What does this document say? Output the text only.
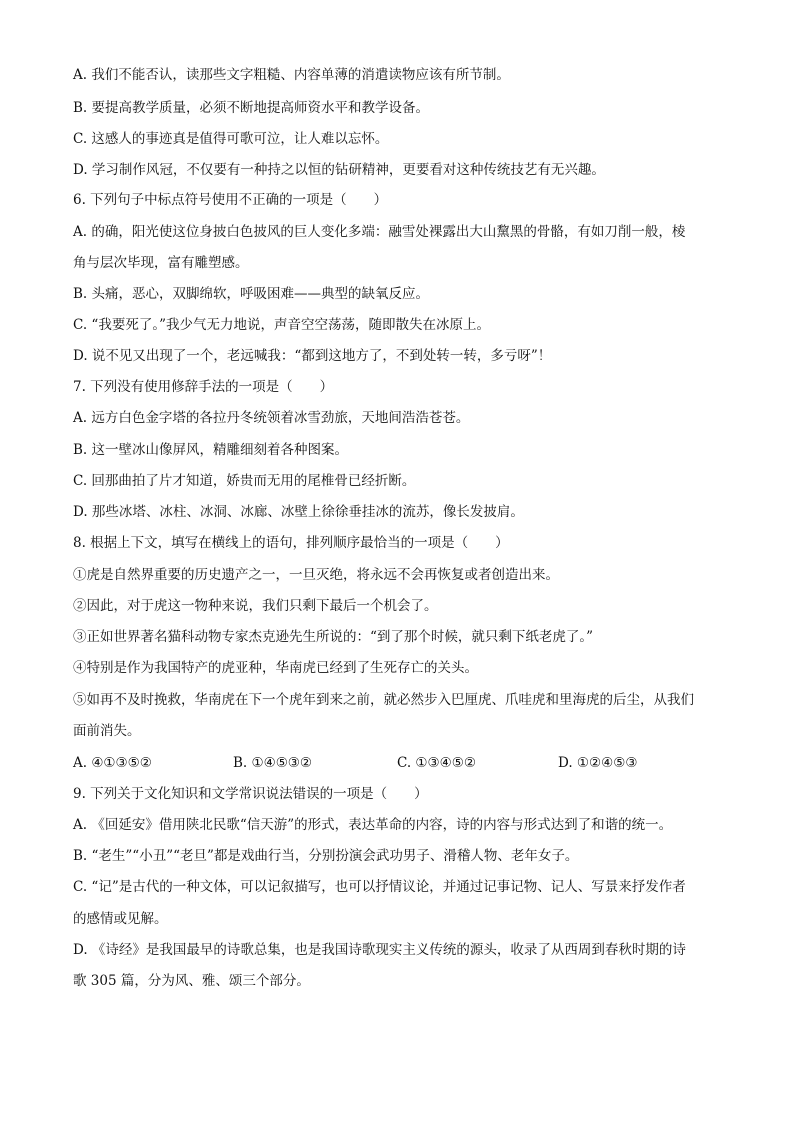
A. 我们不能否认，读那些文字粗糙、内容单薄的消遣读物应该有所节制。
B. 要提高教学质量，必须不断地提高师资水平和教学设备。
C. 这感人的事迹真是值得可歌可泣，让人难以忘怀。
D. 学习制作风冠，不仅要有一种持之以恒的钻研精神，更要看对这种传统技艺有无兴趣。
6. 下列句子中标点符号使用不正确的一项是（　　）
A. 的确，阳光使这位身披白色披风的巨人变化多端：融雪处裸露出大山黧黑的骨骼，有如刀削一般，棱
角与层次毕现，富有雕塑感。
B. 头痛，恶心，双脚绵软，呼吸困难——典型的缺氧反应。
C. “我要死了。”我少气无力地说，声音空空荡荡，随即散失在冰原上。
D. 说不见又出现了一个，老远喊我：“都到这地方了，不到处转一转，多亏呀”！
7. 下列没有使用修辞手法的一项是（　　）
A. 远方白色金字塔的各拉丹冬统领着冰雪劲旅，天地间浩浩苍苍。
B. 这一壁冰山像屏风，精雕细刻着各种图案。
C. 回那曲拍了片才知道，娇贵而无用的尾椎骨已经折断。
D. 那些冰塔、冰柱、冰洞、冰廊、冰壁上徐徐垂挂冰的流苏，像长发披肩。
8. 根据上下文，填写在横线上的语句，排列顺序最恰当的一项是（　　）
①虎是自然界重要的历史遗产之一，一旦灭绝，将永远不会再恢复或者创造出来。
②因此，对于虎这一物种来说，我们只剩下最后一个机会了。
③正如世界著名猫科动物专家杰克逊先生所说的：“到了那个时候，就只剩下纸老虎了。”
④特别是作为我国特产的虎亚种，华南虎已经到了生死存亡的关头。
⑤如再不及时挽救，华南虎在下一个虎年到来之前，就必然步入巴厘虎、爪哇虎和里海虎的后尘，从我们
面前消失。
A. ④①③⑤②	B. ①④⑤③②	C. ①③④⑤②	D. ①②④⑤③
9. 下列关于文化知识和文学常识说法错误的一项是（　　）
A. 《回延安》借用陕北民歌“信天游”的形式，表达革命的内容，诗的内容与形式达到了和谐的统一。
B. “老生”“小丑”“老旦”都是戏曲行当，分别扮演会武功男子、滑稽人物、老年女子。
C. “记”是古代的一种文体，可以记叙描写，也可以抒情议论，并通过记事记物、记人、写景来抒发作者
的感情或见解。
D. 《诗经》是我国最早的诗歌总集，也是我国诗歌现实主义传统的源头，收录了从西周到春秋时期的诗
歌 305 篇，分为风、雅、颂三个部分。
